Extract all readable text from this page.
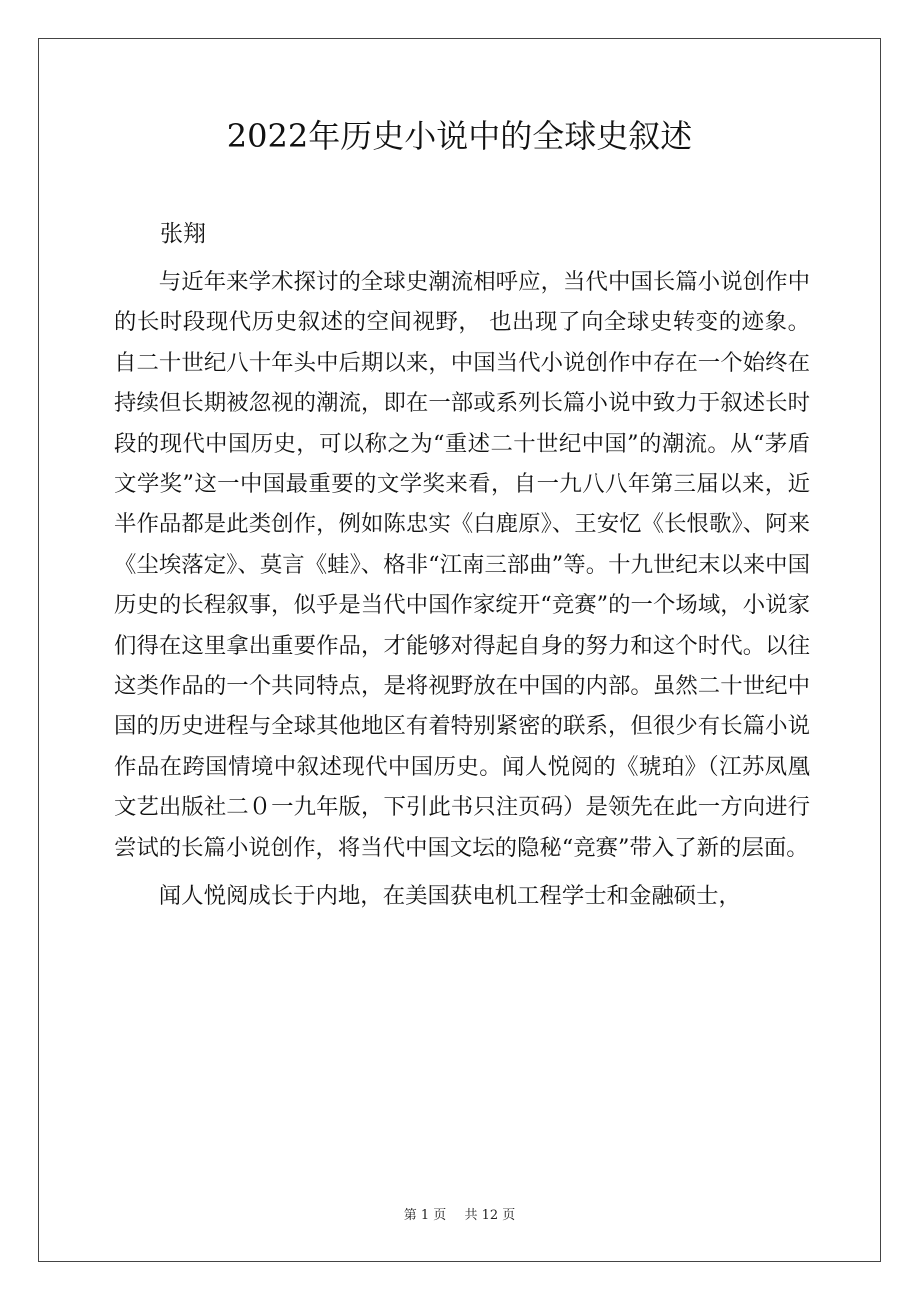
2022年历史小说中的全球史叙述
张翔

与近年来学术探讨的全球史潮流相呼应，当代中国长篇小说创作中的长时段现代历史叙述的空间视野， 也出现了向全球史转变的迹象。自二十世纪八十年头中后期以来，中国当代小说创作中存在一个始终在持续但长期被忽视的潮流，即在一部或系列长篇小说中致力于叙述长时段的现代中国历史，可以称之为“重述二十世纪中国”的潮流。从“茅盾文学奖”这一中国最重要的文学奖来看，自一九八八年第三届以来，近半作品都是此类创作，例如陈忠实《白鹿原》、王安忆《长恨歌》、阿来《尘埃落定》、莫言《蛙》、格非“江南三部曲”等。十九世纪末以来中国历史的长程叙事，似乎是当代中国作家绽开“竞赛”的一个场域，小说家们得在这里拿出重要作品，才能够对得起自身的努力和这个时代。以往这类作品的一个共同特点，是将视野放在中国的内部。虽然二十世纪中国的历史进程与全球其他地区有着特别紧密的联系，但很少有长篇小说作品在跨国情境中叙述现代中国历史。闻人悦阅的《琥珀》（江苏凤凰文艺出版社二０一九年版，下引此书只注页码）是领先在此一方向进行尝试的长篇小说创作，将当代中国文坛的隐秘“竞赛”带入了新的层面。

闻人悦阅成长于内地，在美国获电机工程学士和金融硕士，

第 1 页 共 12 页
